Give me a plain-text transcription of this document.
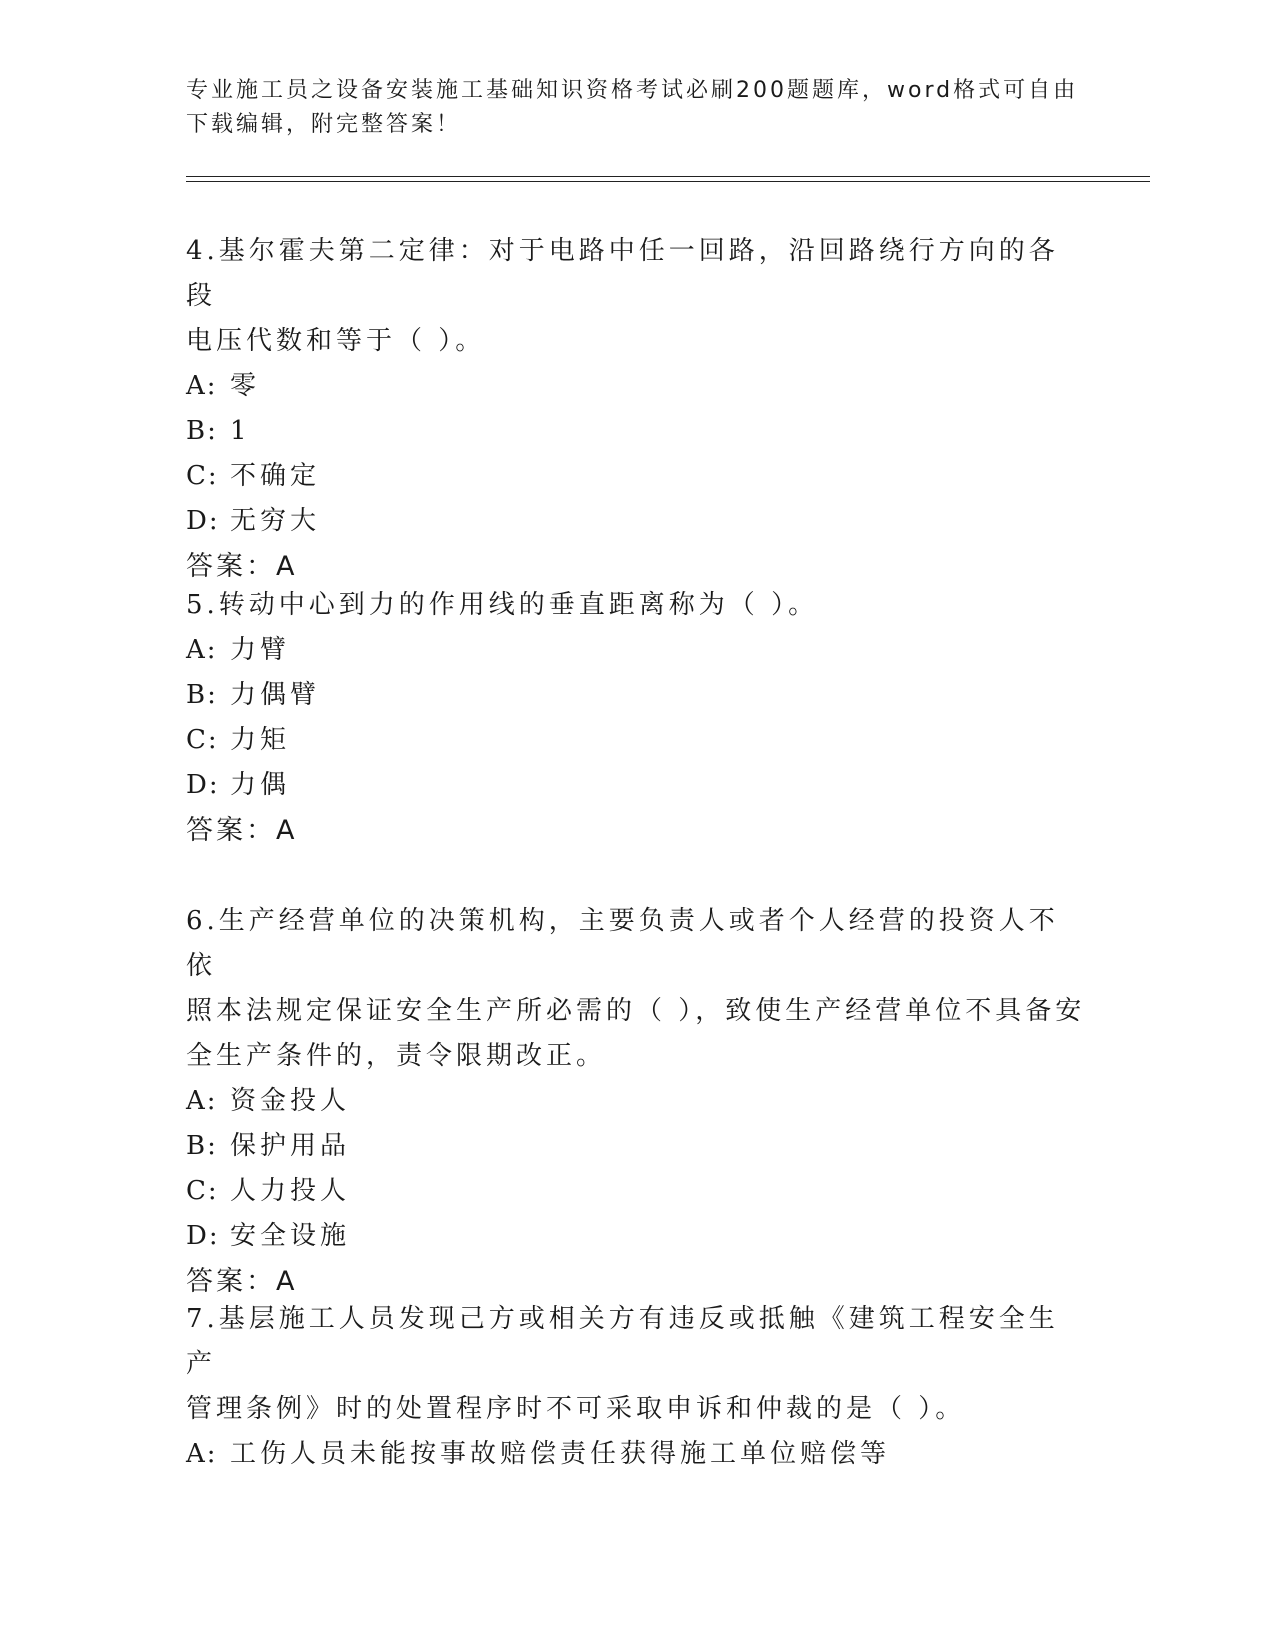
专业施工员之设备安装施工基础知识资格考试必刷200题题库，word格式可自由
下载编辑，附完整答案！

4.基尔霍夫第二定律：对于电路中任一回路，沿回路绕行方向的各段

电压代数和等于（ ）。

A: 零

B: 1

C: 不确定

D: 无穷大

答案：A

5.转动中心到力的作用线的垂直距离称为（ ）。

A: 力臂

B: 力偶臂

C: 力矩

D: 力偶

答案：A

6.生产经营单位的决策机构，主要负责人或者个人经营的投资人不依

照本法规定保证安全生产所必需的（ ），致使生产经营单位不具备安

全生产条件的，责令限期改正。

A: 资金投人

B: 保护用品

C: 人力投人

D: 安全设施

答案：A

7.基层施工人员发现己方或相关方有违反或抵触《建筑工程安全生产

管理条例》时的处置程序时不可采取申诉和仲裁的是（ ）。

A: 工伤人员未能按事故赔偿责任获得施工单位赔偿等
